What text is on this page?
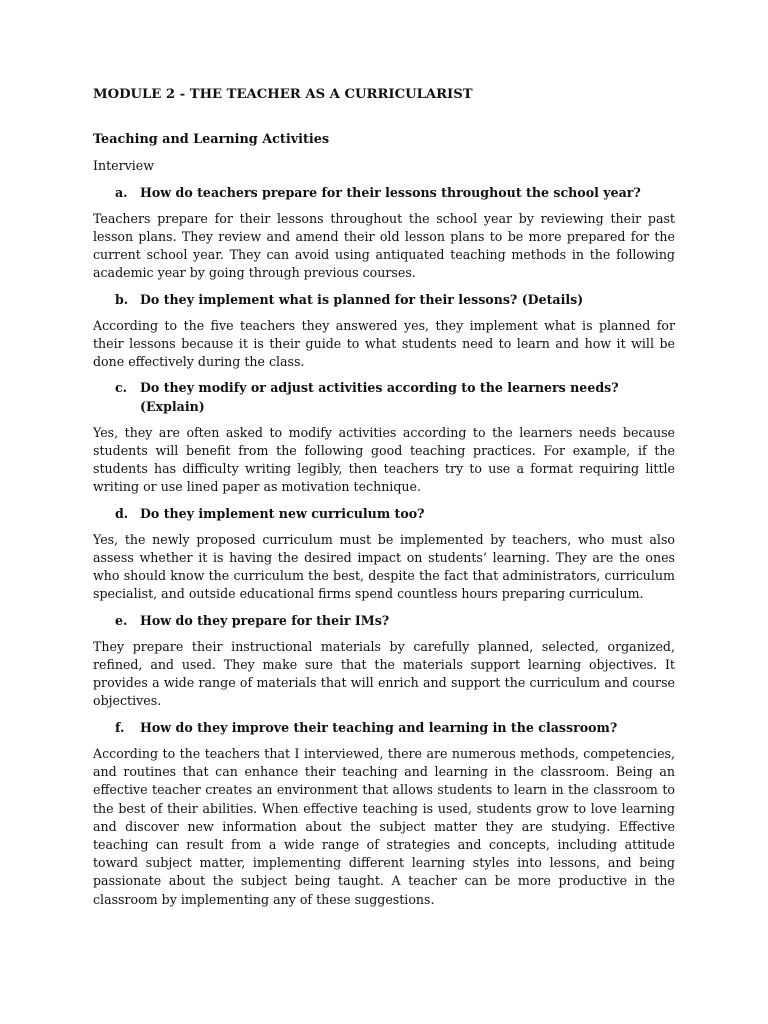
MODULE 2 - THE TEACHER AS A CURRICULARIST
Teaching and Learning Activities
Interview
a. How do teachers prepare for their lessons throughout the school year?

Teachers prepare for their lessons throughout the school year by reviewing their past lesson plans. They review and amend their old lesson plans to be more prepared for the current school year. They can avoid using antiquated teaching methods in the following academic year by going through previous courses.

b. Do they implement what is planned for their lessons? (Details)

According to the five teachers they answered yes, they implement what is planned for their lessons because it is their guide to what students need to learn and how it will be done effectively during the class.

c.	Do they modify or adjust activities according to the learners needs? (Explain)

Yes, they are often asked to modify activities according to the learners needs because students will benefit from the following good teaching practices. For example, if the students has difficulty writing legibly, then teachers try to use a format requiring little writing or use lined paper as motivation technique.

d. Do they implement new curriculum too?

Yes, the newly proposed curriculum must be implemented by teachers, who must also assess whether it is having the desired impact on students’ learning. They are the ones who should know the curriculum the best, despite the fact that administrators, curriculum specialist, and outside educational firms spend countless hours preparing curriculum.

e. How do they prepare for their IMs?

They prepare their instructional materials by carefully planned, selected, organized, refined, and used. They make sure that the materials support learning objectives. It provides a wide range of materials that will enrich and support the curriculum and course objectives.

f.	How do they improve their teaching and learning in the classroom?

According to the teachers that I interviewed, there are numerous methods, competencies, and routines that can enhance their teaching and learning in the classroom. Being an effective teacher creates an environment that allows students to learn in the classroom to the best of their abilities. When effective teaching is used, students grow to love learning and discover new information about the subject matter they are studying. Effective teaching can result from a wide range of strategies and concepts, including attitude toward subject matter, implementing different learning styles into lessons, and being passionate about the subject being taught. A teacher can be more productive in the classroom by implementing any of these suggestions.
